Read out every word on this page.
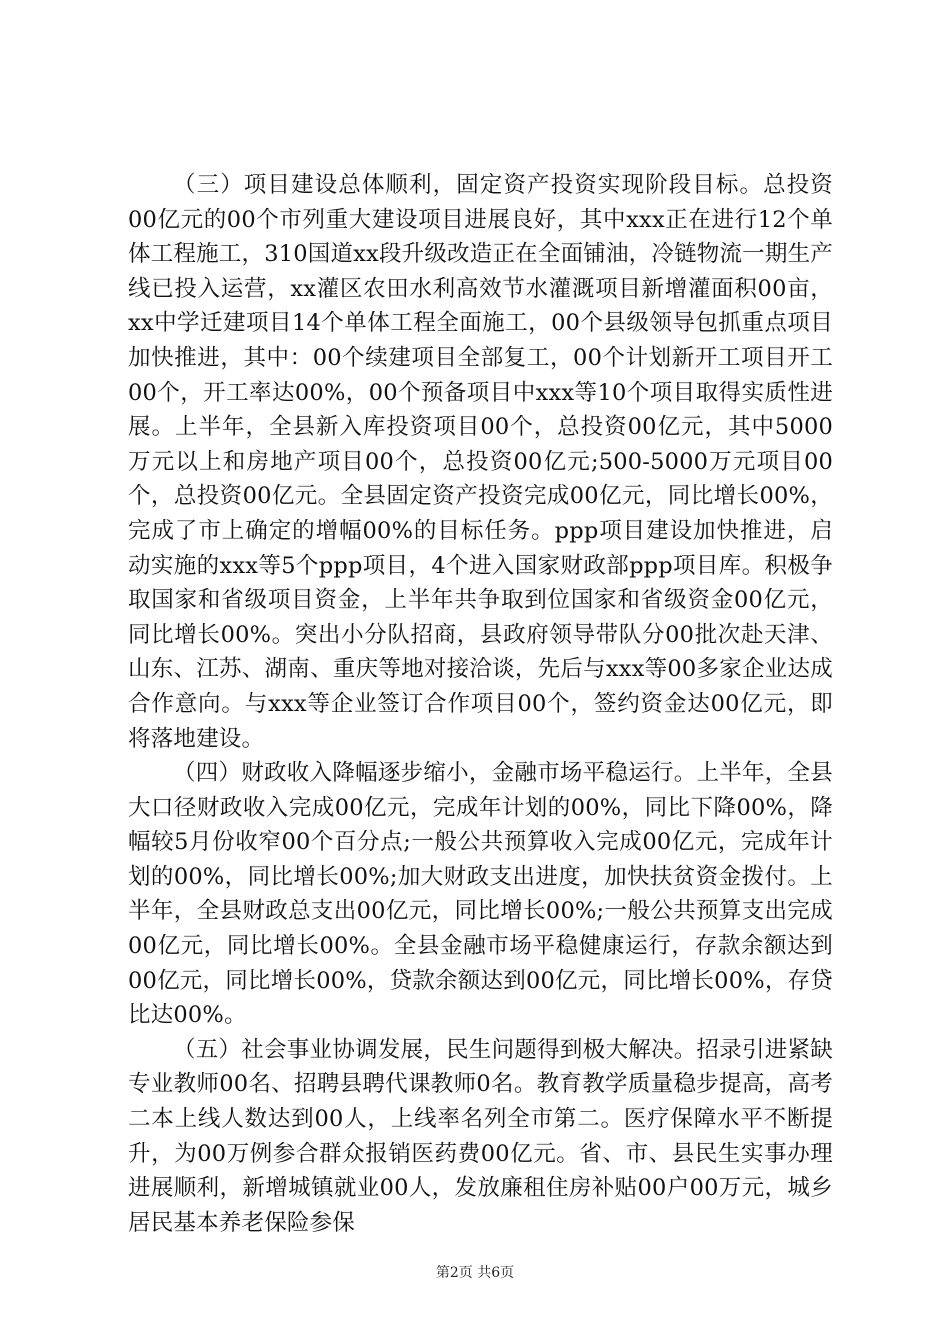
（三）项目建设总体顺利，固定资产投资实现阶段目标。总投资00亿元的00个市列重大建设项目进展良好，其中xxx正在进行12个单体工程施工，310国道xx段升级改造正在全面铺油，冷链物流一期生产线已投入运营，xx灌区农田水利高效节水灌溉项目新增灌面积00亩，xx中学迁建项目14个单体工程全面施工，00个县级领导包抓重点项目加快推进，其中：00个续建项目全部复工，00个计划新开工项目开工00个，开工率达00%，00个预备项目中xxx等10个项目取得实质性进展。上半年，全县新入库投资项目00个，总投资00亿元，其中5000万元以上和房地产项目00个，总投资00亿元;500-5000万元项目00个，总投资00亿元。全县固定资产投资完成00亿元，同比增长00%，完成了市上确定的增幅00%的目标任务。ppp项目建设加快推进，启动实施的xxx等5个ppp项目，4个进入国家财政部ppp项目库。积极争取国家和省级项目资金，上半年共争取到位国家和省级资金00亿元，同比增长00%。突出小分队招商，县政府领导带队分00批次赴天津、山东、江苏、湖南、重庆等地对接洽谈，先后与xxx等00多家企业达成合作意向。与xxx等企业签订合作项目00个，签约资金达00亿元，即将落地建设。

（四）财政收入降幅逐步缩小，金融市场平稳运行。上半年，全县大口径财政收入完成00亿元，完成年计划的00%，同比下降00%，降幅较5月份收窄00个百分点;一般公共预算收入完成00亿元，完成年计划的00%，同比增长00%;加大财政支出进度，加快扶贫资金拨付。上半年，全县财政总支出00亿元，同比增长00%;一般公共预算支出完成00亿元，同比增长00%。全县金融市场平稳健康运行，存款余额达到00亿元，同比增长00%，贷款余额达到00亿元，同比增长00%，存贷比达00%。

（五）社会事业协调发展，民生问题得到极大解决。招录引进紧缺专业教师00名、招聘县聘代课教师0名。教育教学质量稳步提高，高考二本上线人数达到00人，上线率名列全市第二。医疗保障水平不断提升，为00万例参合群众报销医药费00亿元。省、市、县民生实事办理进展顺利，新增城镇就业00人，发放廉租住房补贴00户00万元，城乡居民基本养老保险参保

第2页 共6页
